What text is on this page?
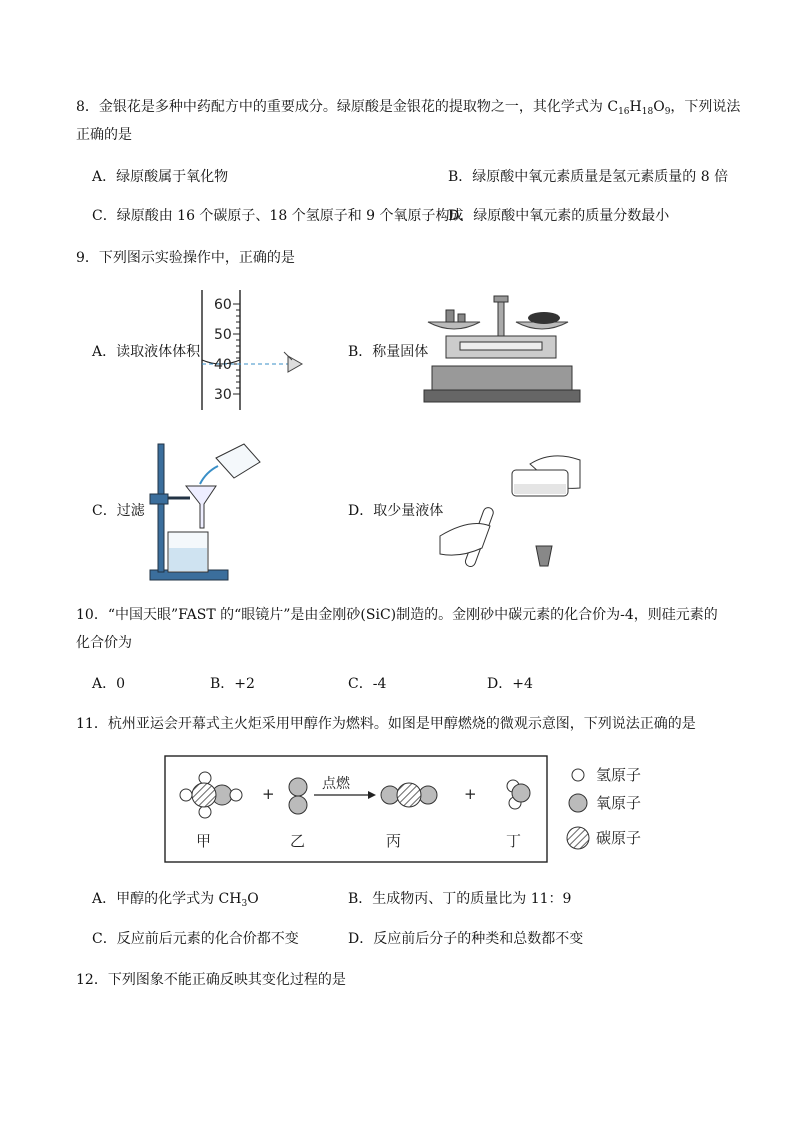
8．金银花是多种中药配方中的重要成分。绿原酸是金银花的提取物之一，其化学式为 $C_{16}H_{18}O_9$，下列说法
正确的是
A．绿原酸属于氧化物	B．绿原酸中氧元素质量是氢元素质量的 8 倍
C．绿原酸由 16 个碳原子、18 个氢原子和 9 个氧原子构成
D．绿原酸中氧元素的质量分数最小
9．下列图示实验操作中，正确的是
A．读取液体体积	B．称量固体
C．过滤	D．取少量液体
60
50
40
30
10．“中国天眼”FAST 的“眼镜片”是由金刚砂(SiC)制造的。金刚砂中碳元素的化合价为-4，则硅元素的
化合价为
A．0	B．+2	C．-4	D．+4
11．杭州亚运会开幕式主火炬采用甲醇作为燃料。如图是甲醇燃烧的微观示意图，下列说法正确的是
+
点燃
+
甲	乙	丙	丁
氢原子
氧原子
碳原子
A．甲醇的化学式为 $CH_3O$	B．生成物丙、丁的质量比为 11：9
C．反应前后元素的化合价都不变	D．反应前后分子的种类和总数都不变
12．下列图象不能正确反映其变化过程的是
